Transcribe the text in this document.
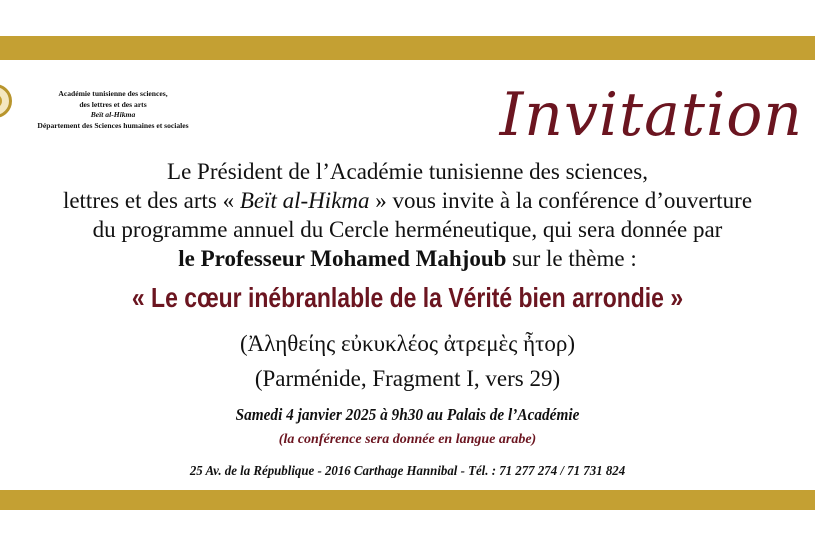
Académie tunisienne des sciences,
des lettres et des arts
Beït al-Hikma
Département des Sciences humaines et sociales	Invitation
Le Président de l’Académie tunisienne des sciences,
lettres et des arts « Beït al-Hikma » vous invite à la conférence d’ouverture
du programme annuel du Cercle herméneutique, qui sera donnée par
le Professeur Mohamed Mahjoub sur le thème :
« Le cœur inébranlable de la Vérité bien arrondie »
(Ἀληθείης εὐκυκλέος ἀτρεμὲς ἦτορ)
(Parménide, Fragment I, vers 29)
Samedi 4 janvier 2025 à 9h30 au Palais de l’Académie
(la conférence sera donnée en langue arabe)
25 Av. de la République - 2016 Carthage Hannibal - Tél. : 71 277 274 / 71 731 824
